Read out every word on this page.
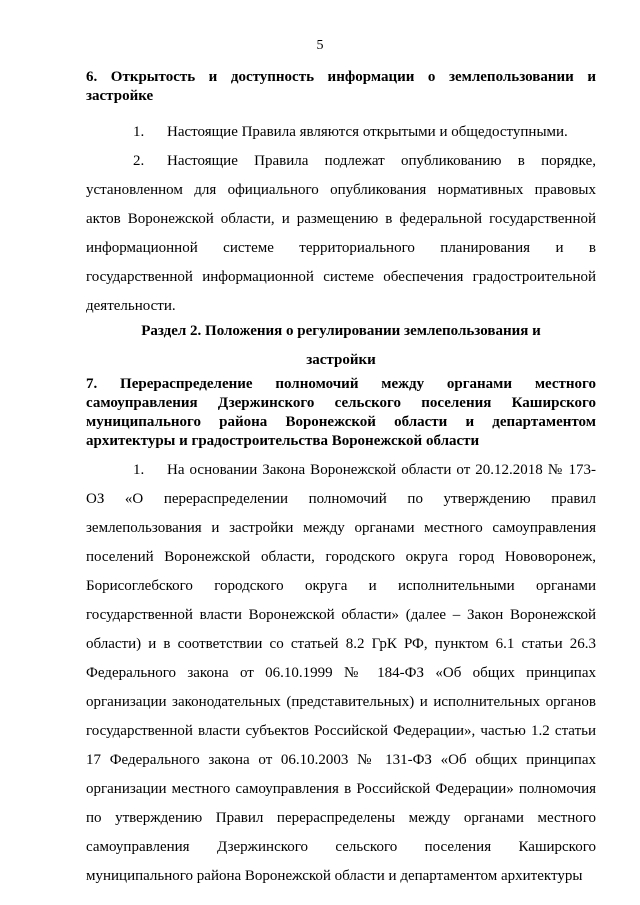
5

6. Открытость и доступность информации о землепользовании и застройке

1. Настоящие Правила являются открытыми и общедоступными.

2. Настоящие Правила подлежат опубликованию в порядке, установленном для официального опубликования нормативных правовых актов Воронежской области, и размещению в федеральной государственной информационной системе территориального планирования и в государственной информационной системе обеспечения градостроительной деятельности.

Раздел 2. Положения о регулировании землепользования и

застройки

7. Перераспределение полномочий между органами местного самоуправления Дзержинского сельского поселения Каширского муниципального района Воронежской области и департаментом архитектуры и градостроительства Воронежской области

1. На основании Закона Воронежской области от 20.12.2018 № 173-ОЗ «О перераспределении полномочий по утверждению правил землепользования и застройки между органами местного самоуправления поселений Воронежской области, городского округа город Нововоронеж, Борисоглебского городского округа и исполнительными органами государственной власти Воронежской области» (далее – Закон Воронежской области) и в соответствии со статьей 8.2 ГрК РФ, пунктом 6.1 статьи 26.3 Федерального закона от 06.10.1999 № 184-ФЗ «Об общих принципах организации законодательных (представительных) и исполнительных органов государственной власти субъектов Российской Федерации», частью 1.2 статьи 17 Федерального закона от 06.10.2003 № 131-ФЗ «Об общих принципах организации местного самоуправления в Российской Федерации» полномочия по утверждению Правил перераспределены между органами местного самоуправления Дзержинского сельского поселения Каширского муниципального района Воронежской области и департаментом архитектуры
